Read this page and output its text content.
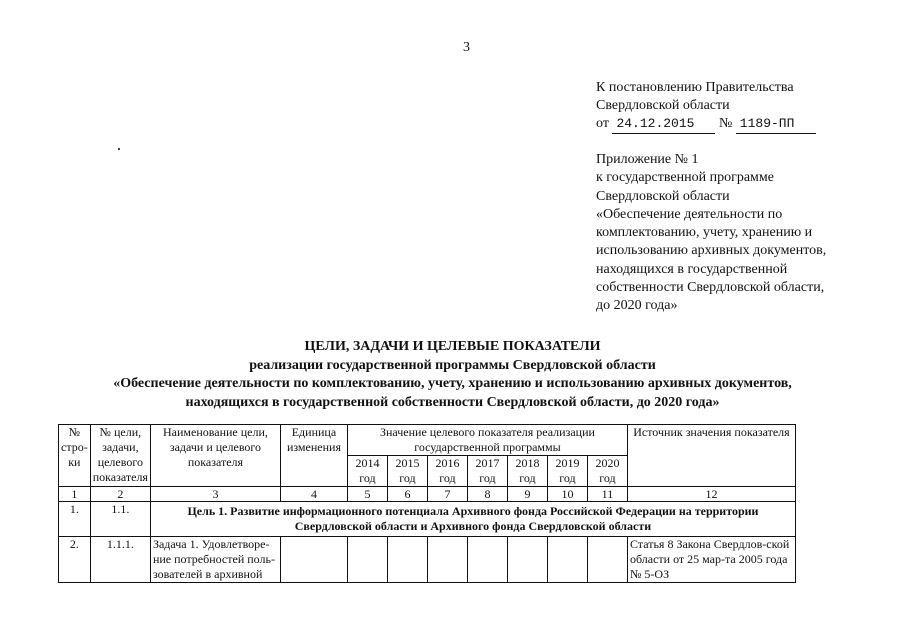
3
К постановлению Правительства
Свердловской области
от 24.12.2015 № 1189-ПП
Приложение № 1
к государственной программе
Свердловской области
«Обеспечение деятельности по
комплектованию, учету, хранению и
использованию архивных документов,
находящихся в государственной
собственности Свердловской области,
до 2020 года»
ЦЕЛИ, ЗАДАЧИ И ЦЕЛЕВЫЕ ПОКАЗАТЕЛИ
реализации государственной программы Свердловской области
«Обеспечение деятельности по комплектованию, учету, хранению и использованию архивных документов,
находящихся в государственной собственности Свердловской области, до 2020 года»
№ стро-ки	№ цели, задачи, целевого показателя	Наименование цели, задачи и целевого показателя	Единица изменения	Значение целевого показателя реализации государственной программы							Источник значения показателя
				2014 год	2015 год	2016 год	2017 год	2018 год	2019 год	2020 год	
1	2	3	4	5	6	7	8	9	10	11	12
1.	1.1.	Цель 1. Развитие информационного потенциала Архивного фонда Российской Федерации на территории Свердловской области и Архивного фонда Свердловской области									
2.	1.1.1.	Задача 1. Удовлетворе-ние потребностей поль-зователей в архивной									Статья 8 Закона Свердлов-ской области от 25 мар-та 2005 года № 5-ОЗ
